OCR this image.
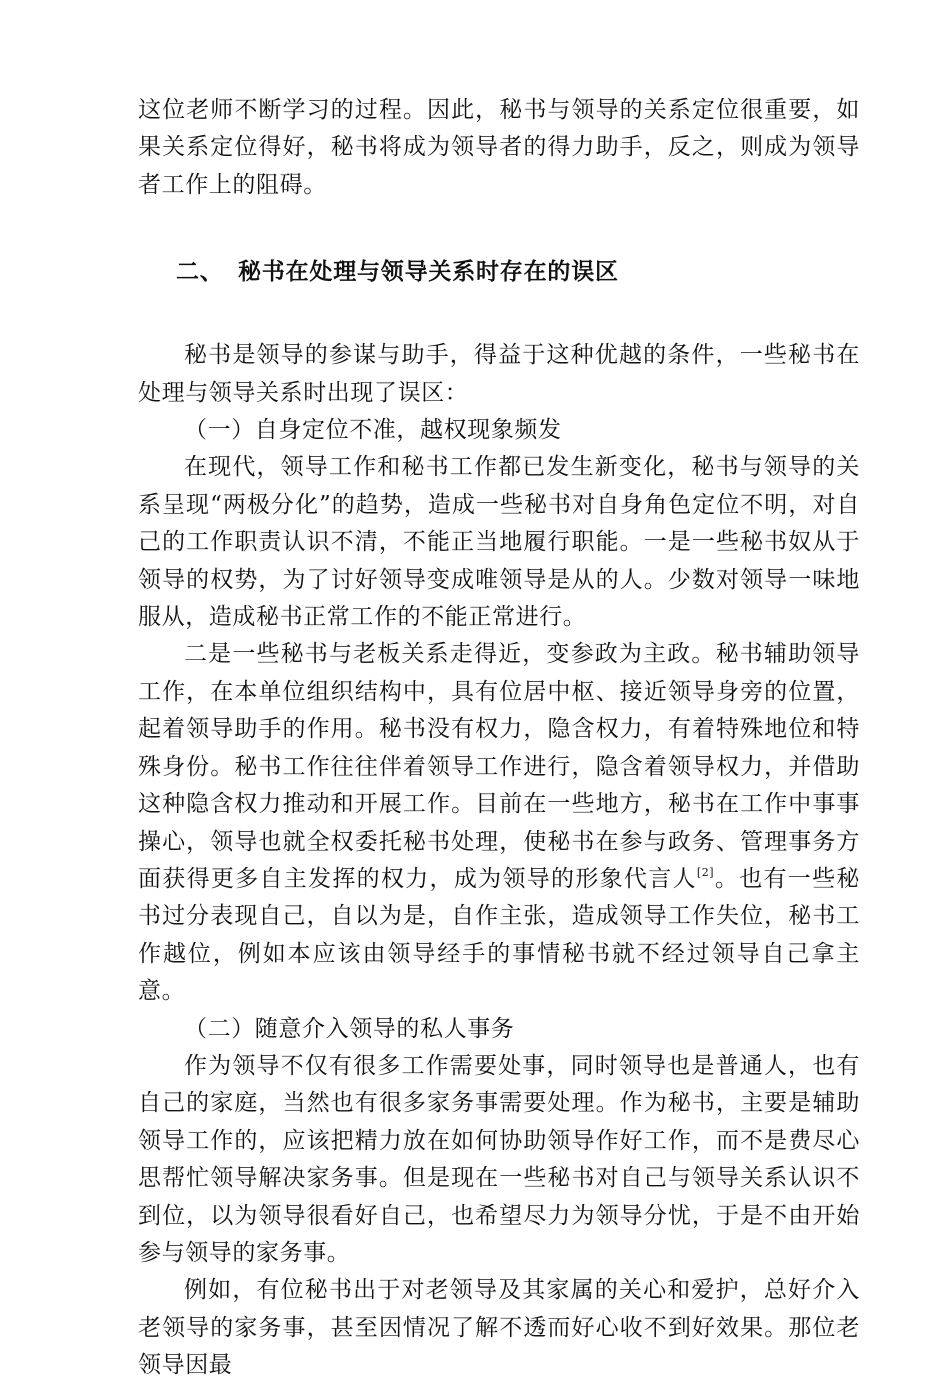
这位老师不断学习的过程。因此，秘书与领导的关系定位很重要，如果关系定位得好，秘书将成为领导者的得力助手，反之，则成为领导者工作上的阻碍。

二、 秘书在处理与领导关系时存在的误区

秘书是领导的参谋与助手，得益于这种优越的条件，一些秘书在处理与领导关系时出现了误区：

（一）自身定位不准，越权现象频发

在现代，领导工作和秘书工作都已发生新变化，秘书与领导的关系呈现“两极分化”的趋势，造成一些秘书对自身角色定位不明，对自己的工作职责认识不清，不能正当地履行职能。一是一些秘书奴从于领导的权势，为了讨好领导变成唯领导是从的人。少数对领导一味地服从，造成秘书正常工作的不能正常进行。

二是一些秘书与老板关系走得近，变参政为主政。秘书辅助领导工作，在本单位组织结构中，具有位居中枢、接近领导身旁的位置，起着领导助手的作用。秘书没有权力，隐含权力，有着特殊地位和特殊身份。秘书工作往往伴着领导工作进行，隐含着领导权力，并借助这种隐含权力推动和开展工作。目前在一些地方，秘书在工作中事事操心，领导也就全权委托秘书处理，使秘书在参与政务、管理事务方面获得更多自主发挥的权力，成为领导的形象代言人[2]。也有一些秘书过分表现自己，自以为是，自作主张，造成领导工作失位，秘书工作越位，例如本应该由领导经手的事情秘书就不经过领导自己拿主意。

（二）随意介入领导的私人事务

作为领导不仅有很多工作需要处事，同时领导也是普通人，也有自己的家庭，当然也有很多家务事需要处理。作为秘书，主要是辅助领导工作的，应该把精力放在如何协助领导作好工作，而不是费尽心思帮忙领导解决家务事。但是现在一些秘书对自己与领导关系认识不到位，以为领导很看好自己，也希望尽力为领导分忧，于是不由开始参与领导的家务事。

例如，有位秘书出于对老领导及其家属的关心和爱护，总好介入老领导的家务事，甚至因情况了解不透而好心收不到好效果。那位老领导因最
